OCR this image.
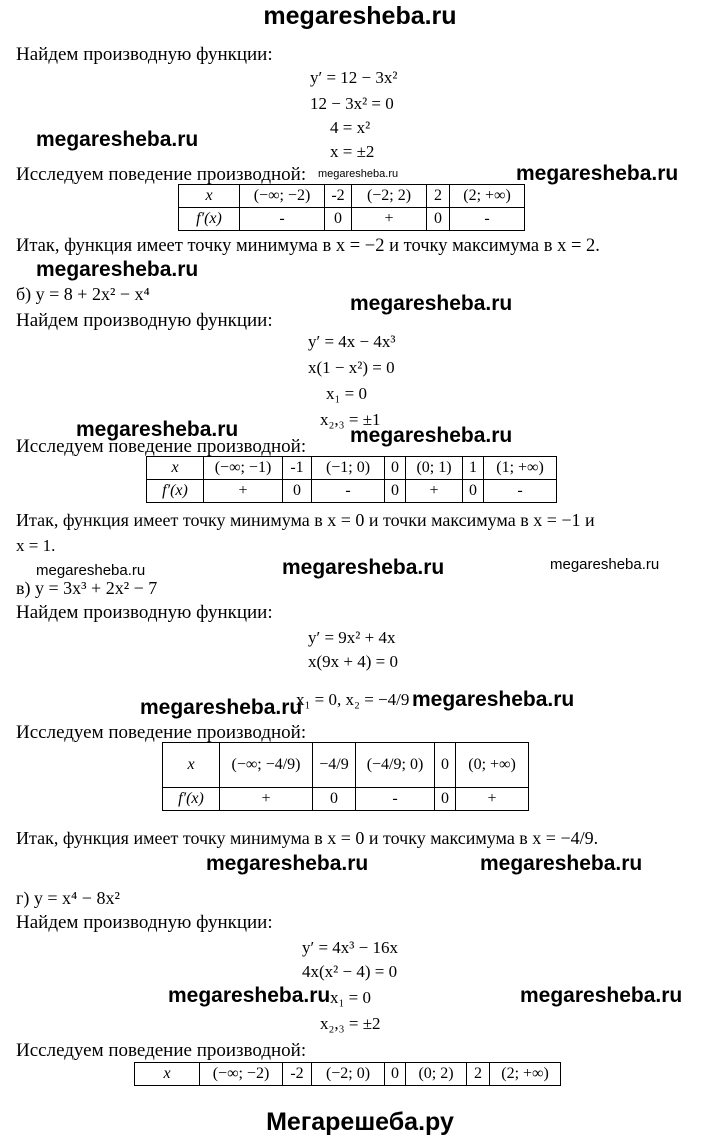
megaresheba.ru
Найдем производную функции:
y′ = 12 − 3x²
12 − 3x² = 0
4 = x²
x = ±2
megaresheba.ru
Исследуем поведение производной: megaresheba.ru	megaresheba.ru
x	(−∞; −2)	-2	(−2; 2)	2	(2; +∞)
f′(x)	-	0	+	0	-
Итак, функция имеет точку минимума в x = −2 и точку максимума в x = 2.
megaresheba.ru
б) y = 8 + 2x² − x⁴	megaresheba.ru
Найдем производную функции:
y′ = 4x − 4x³
x(1 − x²) = 0
x₁ = 0
x₂,₃ = ±1
megaresheba.ru	megaresheba.ru
Исследуем поведение производной:
x	(−∞; −1)	-1	(−1; 0)	0	(0; 1)	1	(1; +∞)
f′(x)	+	0	-	0	+	0	-
Итак, функция имеет точку минимума в x = 0 и точки максимума в x = −1 и
x = 1.
megaresheba.ru	megaresheba.ru	megaresheba.ru
в) y = 3x³ + 2x² − 7
Найдем производную функции:
y′ = 9x² + 4x
x(9x + 4) = 0
x₁ = 0, x₂ = −4/9
megaresheba.ru	megaresheba.ru
Исследуем поведение производной:
x	(−∞; −4/9)	−4/9	(−4/9; 0)	0	(0; +∞)
f′(x)	+	0	-	0	+
Итак, функция имеет точку минимума в x = 0 и точку максимума в x = −4/9.
megaresheba.ru	megaresheba.ru
г) y = x⁴ − 8x²
Найдем производную функции:
y′ = 4x³ − 16x
4x(x² − 4) = 0
x₁ = 0
x₂,₃ = ±2
megaresheba.ru	megaresheba.ru
Исследуем поведение производной:
x	(−∞; −2)	-2	(−2; 0)	0	(0; 2)	2	(2; +∞)
Мегарешеба.ру
